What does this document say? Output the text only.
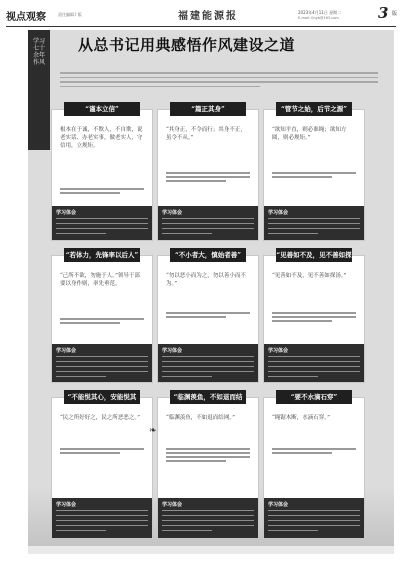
视点观察	责任编辑 Ⅰ 版	福建能源报	2023年4月11日 星期二
E-mail: fjnyb@163.com	3 版
学习七十余年作风
从总书记用典感悟作风建设之道
“谨本立信”
根本在于诚，不欺人，不自欺，说老实话、办老实事，做老实人，守信用，立规矩。
学习体会
“篇正其身”
“其身正，不令而行；其身不正，虽令不从。”
学习体会
“管节之始，后节之源”
“欲知平直，则必准绳；欲知方圆，则必规矩。”
学习体会
“若体力，先锋率以后人”
“己所不欲，勿施于人。”领导干部要以身作则，率先垂范。
学习体会
“不小者大，慎始者善”
“勿以恶小而为之，勿以善小而不为。”
学习体会
“见善如不及，见不善如探汤”
“见善如不及，见不善如探汤。”
学习体会
“不能悦其心，安能悦其耳”
“民之所好好之，民之所恶恶之。”
学习体会
“临渊羡鱼，不如退而结网”
“临渊羡鱼，不如退而结网。”
学习体会
“要不水滴石穿”
“绳锯木断，水滴石穿。”
学习体会
❧
